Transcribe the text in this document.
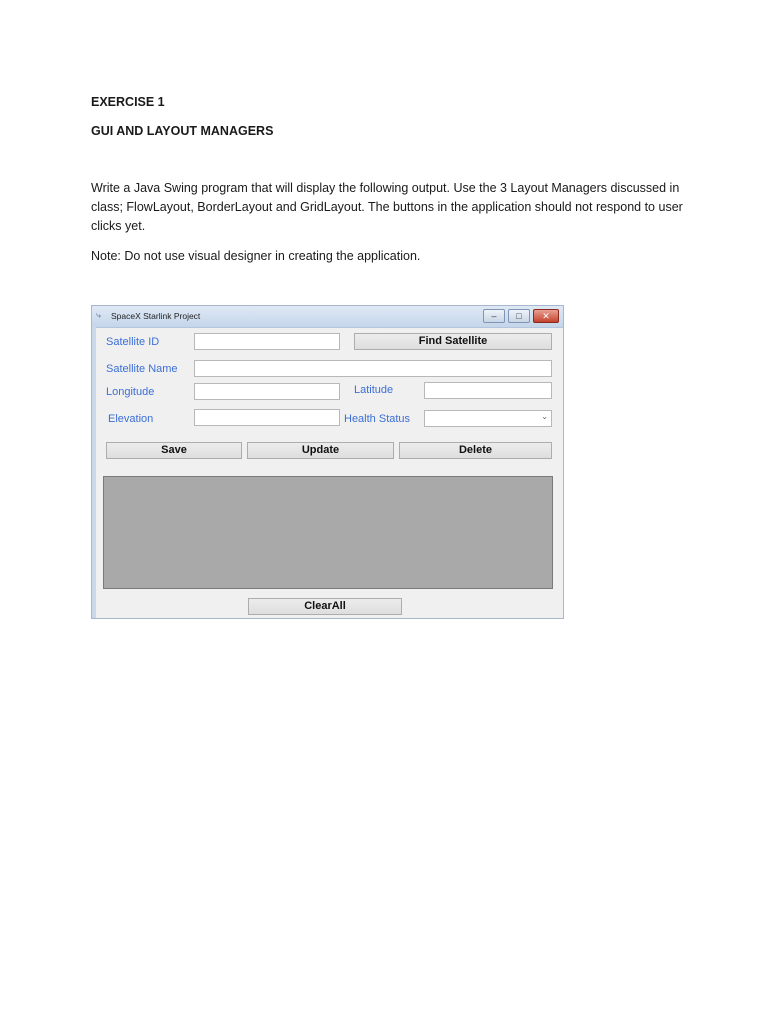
EXERCISE 1
GUI AND LAYOUT MANAGERS
Write a Java Swing program that will display the following output. Use the 3 Layout Managers discussed in class; FlowLayout, BorderLayout and GridLayout. The buttons in the application should not respond to user clicks yet.
Note: Do not use visual designer in creating the application.
⤷ SpaceX Starlink Project	–	□	✕
Satellite ID	Find Satellite
Satellite Name
Longitude	Latitude
Elevation	Health Status	⌄
Save	Update	Delete
ClearAll
